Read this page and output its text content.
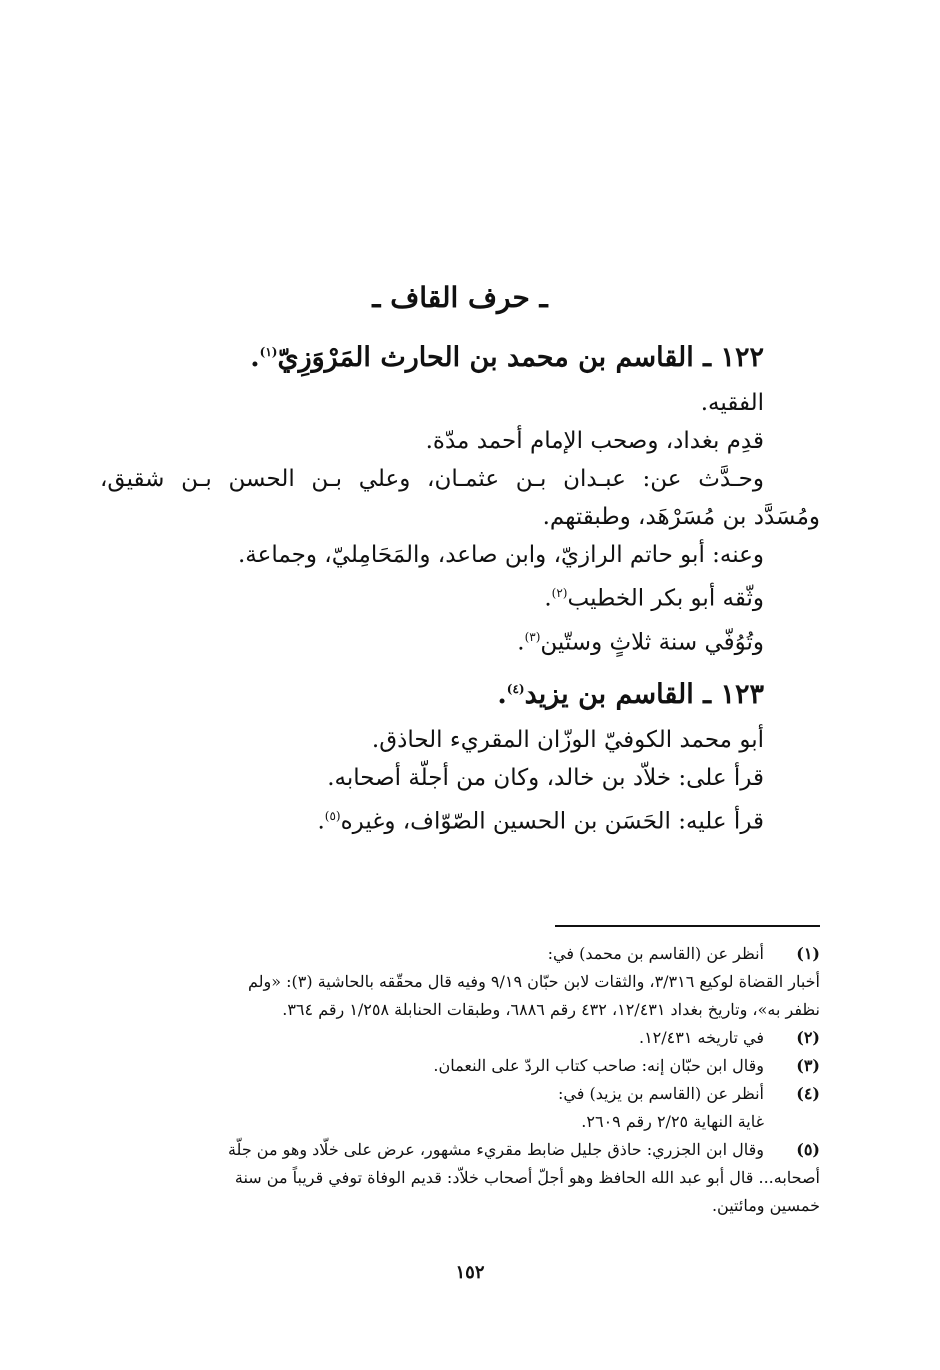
ـ حرف القاف ـ
١٢٢ ـ القاسم بن محمد بن الحارث المَرْوَزِيّ$^{(١)}$.
الفقيه.
قدِم بغداد، وصحب الإمام أحمد مدّة.
وحـدَّث عن: عبـدان بـن عثمـان، وعلي بـن الحسن بـن شقيق،
ومُسَدَّد بن مُسَرْهَد، وطبقتهم.
وعنه: أبو حاتم الرازيّ، وابن صاعد، والمَحَامِليّ، وجماعة.
وثّقه أبو بكر الخطيب$^{(٢)}$.
وتُوُفّي سنة ثلاثٍ وستّين$^{(٣)}$.
١٢٣ ـ القاسم بن يزيد$^{(٤)}$.
أبو محمد الكوفيّ الوزّان المقريء الحاذق.
قرأ على: خلاّد بن خالد، وكان من أجلّة أصحابه.
قرأ عليه: الحَسَن بن الحسين الصّوّاف، وغيره$^{(٥)}$.
(١)
أنظر عن (القاسم بن محمد) في:
أخبار القضاة لوكيع ٣/٣١٦، والثقات لابن حبّان ٩/١٩ وفيه قال محقّقه بالحاشية (٣): «ولم
نظفر به»، وتاريخ بغداد ١٢/٤٣١، ٤٣٢ رقم ٦٨٨٦، وطبقات الحنابلة ١/٢٥٨ رقم ٣٦٤.
(٢)
في تاريخه ١٢/٤٣١.
(٣)
وقال ابن حبّان إنه: صاحب كتاب الردّ على النعمان.
(٤)
أنظر عن (القاسم بن يزيد) في:
غاية النهاية ٢/٢٥ رقم ٢٦٠٩.
(٥)
وقال ابن الجزري: حاذق جليل ضابط مقريء مشهور، عرض على خلّاد وهو من جلّة
أصحابه... قال أبو عبد الله الحافظ وهو أجلّ أصحاب خلاّد: قديم الوفاة توفي قريباً من سنة
خمسين ومائتين.
١٥٢
